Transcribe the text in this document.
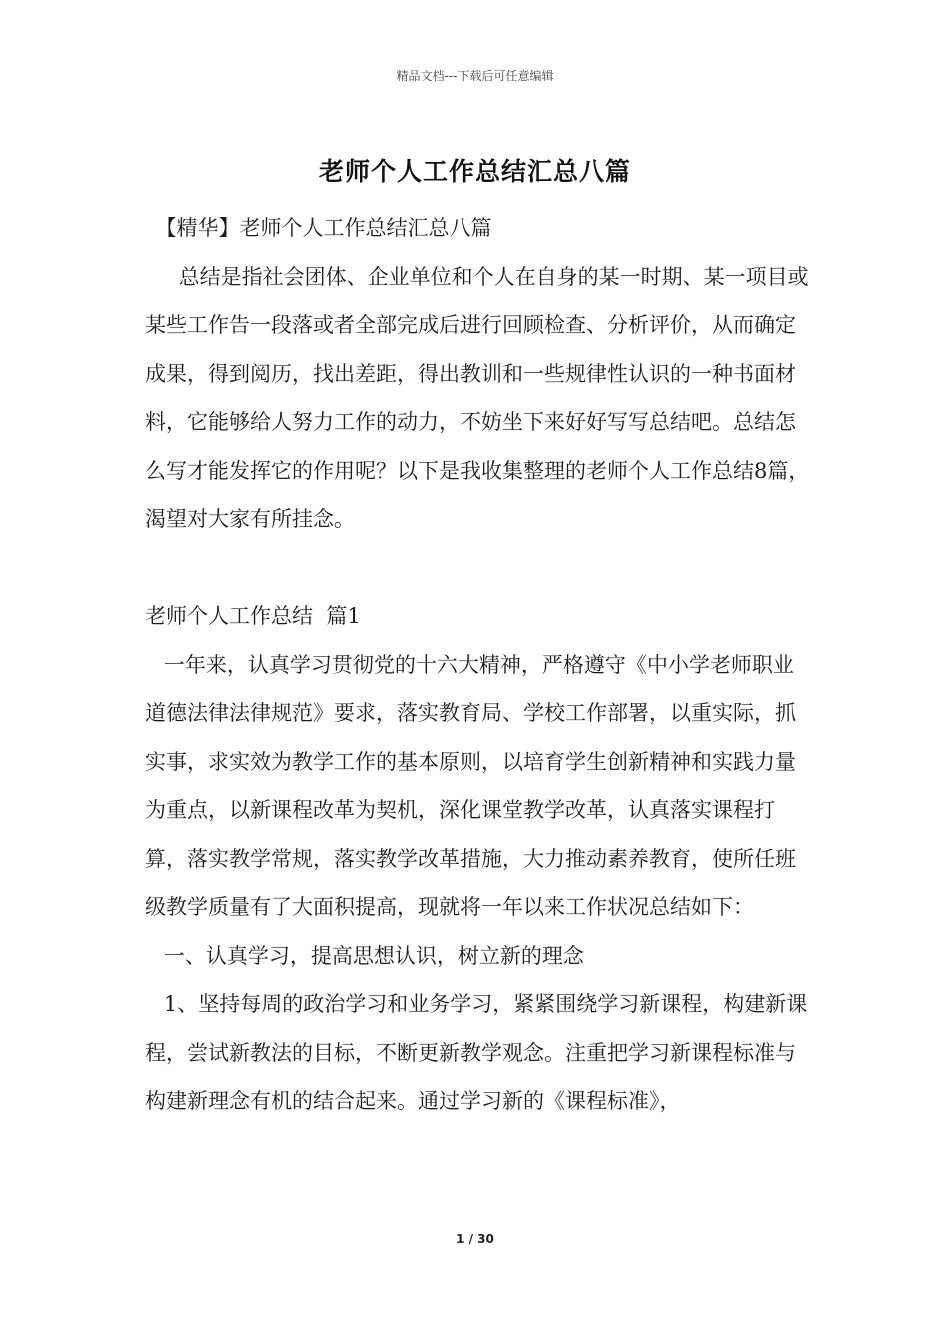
精品文档---下载后可任意编辑
老师个人工作总结汇总八篇

【精华】老师个人工作总结汇总八篇

总结是指社会团体、企业单位和个人在自身的某一时期、某一项目或某些工作告一段落或者全部完成后进行回顾检查、分析评价，从而确定成果，得到阅历，找出差距，得出教训和一些规律性认识的一种书面材料，它能够给人努力工作的动力，不妨坐下来好好写写总结吧。总结怎么写才能发挥它的作用呢？以下是我收集整理的老师个人工作总结8篇，渴望对大家有所挂念。

老师个人工作总结  篇1

一年来，认真学习贯彻党的十六大精神，严格遵守《中小学老师职业道德法律法律规范》要求，落实教育局、学校工作部署，以重实际，抓实事，求实效为教学工作的基本原则，以培育学生创新精神和实践力量为重点，以新课程改革为契机，深化课堂教学改革，认真落实课程打算，落实教学常规，落实教学改革措施，大力推动素养教育，使所任班级教学质量有了大面积提高，现就将一年以来工作状况总结如下：

一、认真学习，提高思想认识，树立新的理念

1、坚持每周的政治学习和业务学习，紧紧围绕学习新课程，构建新课程，尝试新教法的目标，不断更新教学观念。注重把学习新课程标准与构建新理念有机的结合起来。通过学习新的《课程标准》，

1 / 30
